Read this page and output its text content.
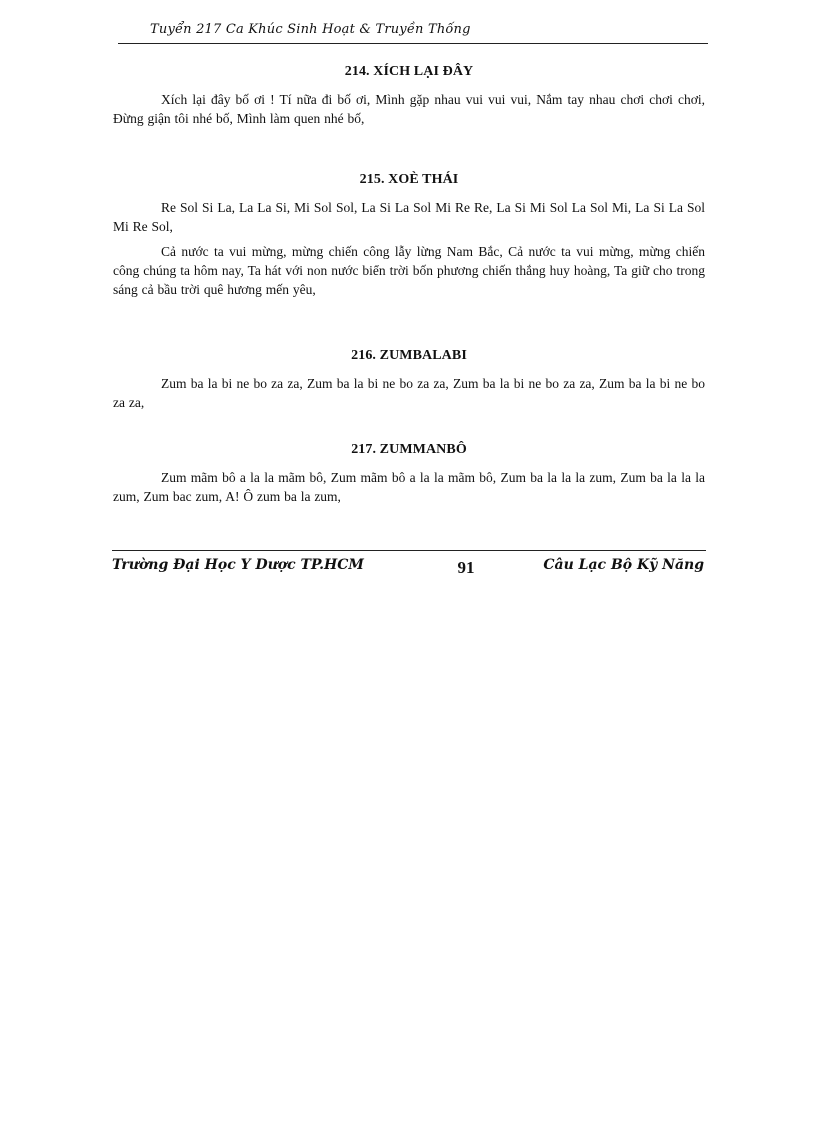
Tuyển 217 Ca Khúc Sinh Hoạt & Truyền Thống
214. XÍCH LẠI ĐÂY

Xích lại đây bố ơi ! Tí nữa đi bố ơi, Mình gặp nhau vui vui vui, Nắm tay nhau chơi chơi chơi, Đừng giận tôi nhé bố, Mình làm quen nhé bố,

215. XOÈ THÁI

Re Sol Si La, La La Si, Mi Sol Sol, La Si La Sol Mi Re Re, La Si Mi Sol La Sol Mi, La Si La Sol Mi Re Sol,

Cả nước ta vui mừng, mừng chiến công lẫy lừng Nam Bắc, Cả nước ta vui mừng, mừng chiến công chúng ta hôm nay, Ta hát với non nước biển trời bốn phương chiến thắng huy hoàng, Ta giữ cho trong sáng cả bầu trời quê hương mến yêu,

216. ZUMBALABI

Zum ba la bi ne bo za za, Zum ba la bi ne bo za za, Zum ba la bi ne bo za za, Zum ba la bi ne bo za za,

217. ZUMMANBÔ

Zum mãm bô a la la mãm bô, Zum mãm bô a la la mãm bô, Zum ba la la la zum, Zum ba la la la zum, Zum bac zum, A! Ô zum ba la zum,

Trường Đại Học Y Dược TP.HCM	91	Câu Lạc Bộ Kỹ Năng
